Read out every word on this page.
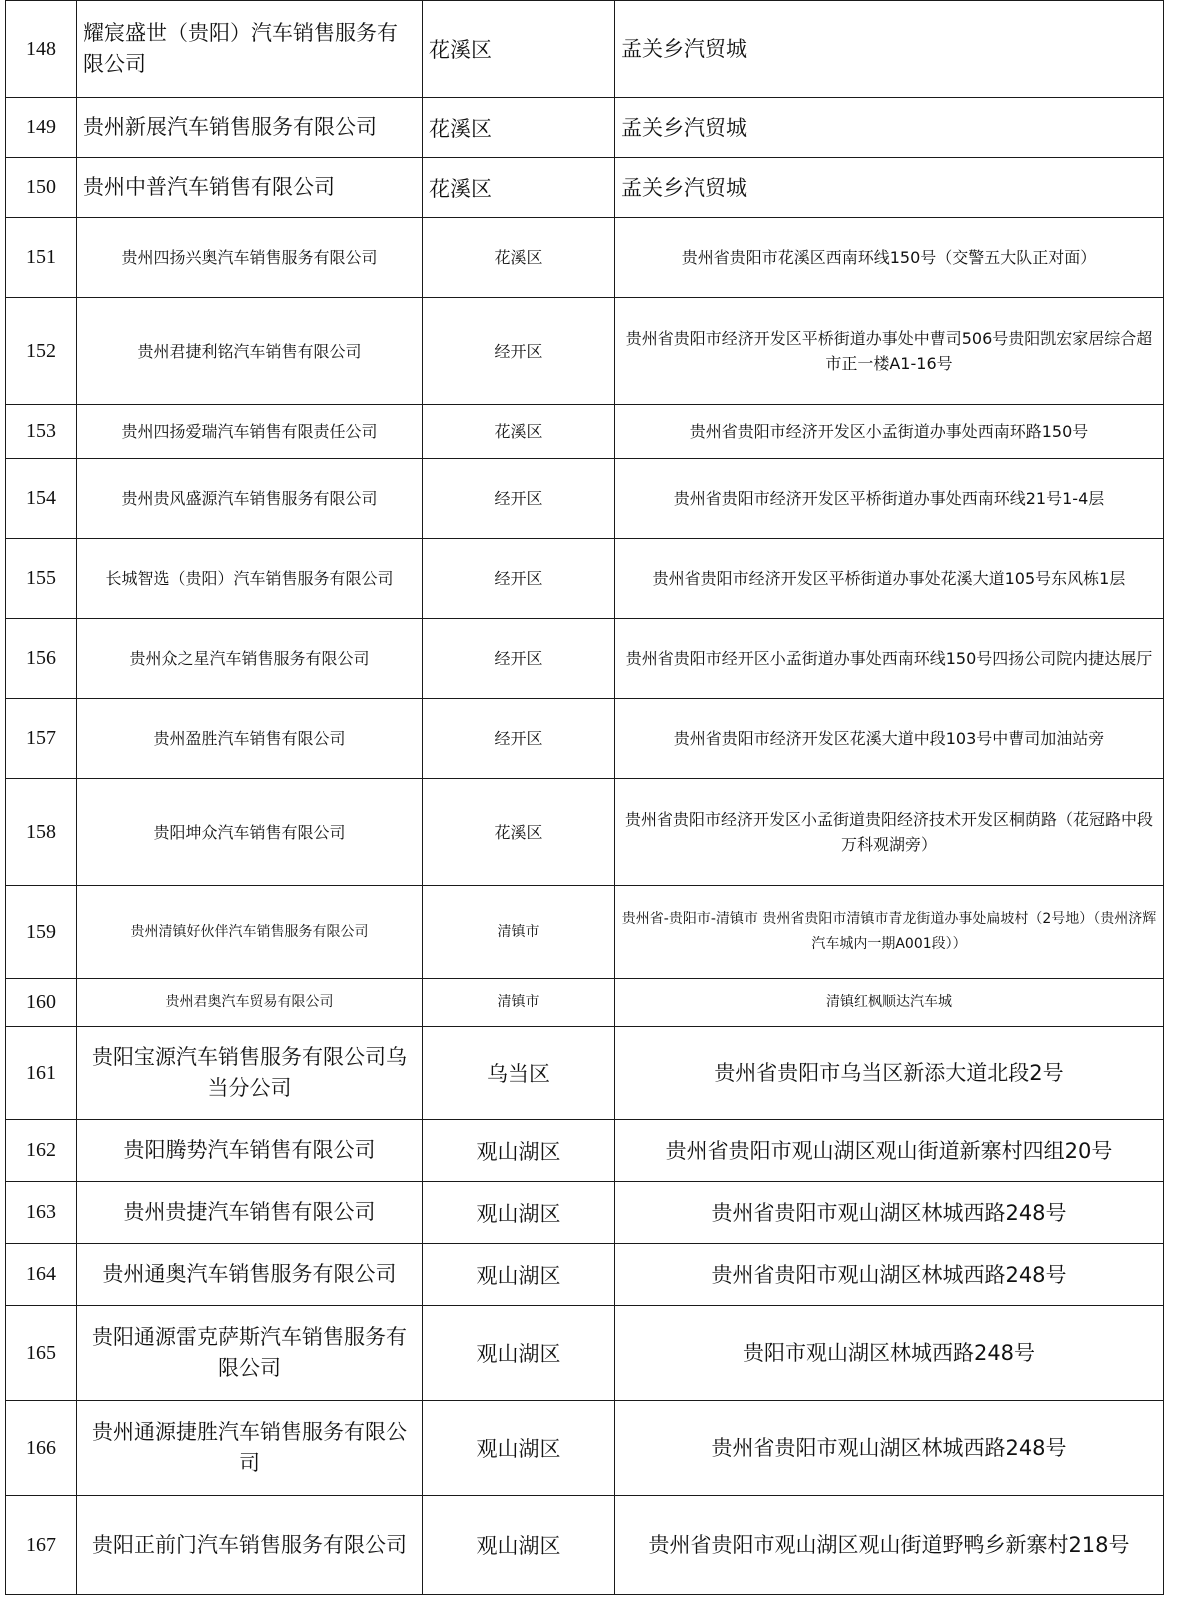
148	耀宸盛世（贵阳）汽车销售服务有限公司	花溪区	孟关乡汽贸城
149	贵州新展汽车销售服务有限公司	花溪区	孟关乡汽贸城
150	贵州中普汽车销售有限公司	花溪区	孟关乡汽贸城
151	贵州四扬兴奥汽车销售服务有限公司	花溪区	贵州省贵阳市花溪区西南环线150号（交警五大队正对面）
152	贵州君捷利铭汽车销售有限公司	经开区	贵州省贵阳市经济开发区平桥街道办事处中曹司506号贵阳凯宏家居综合超市正一楼A1-16号
153	贵州四扬爱瑞汽车销售有限责任公司	花溪区	贵州省贵阳市经济开发区小孟街道办事处西南环路150号
154	贵州贵风盛源汽车销售服务有限公司	经开区	贵州省贵阳市经济开发区平桥街道办事处西南环线21号1-4层
155	长城智选（贵阳）汽车销售服务有限公司	经开区	贵州省贵阳市经济开发区平桥街道办事处花溪大道105号东风栋1层
156	贵州众之星汽车销售服务有限公司	经开区	贵州省贵阳市经开区小孟街道办事处西南环线150号四扬公司院内捷达展厅
157	贵州盈胜汽车销售有限公司	经开区	贵州省贵阳市经济开发区花溪大道中段103号中曹司加油站旁
158	贵阳坤众汽车销售有限公司	花溪区	贵州省贵阳市经济开发区小孟街道贵阳经济技术开发区桐荫路（花冠路中段万科观湖旁）
159	贵州清镇好伙伴汽车销售服务有限公司	清镇市	贵州省-贵阳市-清镇市 贵州省贵阳市清镇市青龙街道办事处扁坡村（2号地）（贵州济辉汽车城内一期A001段））
160	贵州君奥汽车贸易有限公司	清镇市	清镇红枫顺达汽车城
161	贵阳宝源汽车销售服务有限公司乌当分公司	乌当区	贵州省贵阳市乌当区新添大道北段2号
162	贵阳腾势汽车销售有限公司	观山湖区	贵州省贵阳市观山湖区观山街道新寨村四组20号
163	贵州贵捷汽车销售有限公司	观山湖区	贵州省贵阳市观山湖区林城西路248号
164	贵州通奥汽车销售服务有限公司	观山湖区	贵州省贵阳市观山湖区林城西路248号
165	贵阳通源雷克萨斯汽车销售服务有限公司	观山湖区	贵阳市观山湖区林城西路248号
166	贵州通源捷胜汽车销售服务有限公司	观山湖区	贵州省贵阳市观山湖区林城西路248号
167	贵阳正前门汽车销售服务有限公司	观山湖区	贵州省贵阳市观山湖区观山街道野鸭乡新寨村218号
